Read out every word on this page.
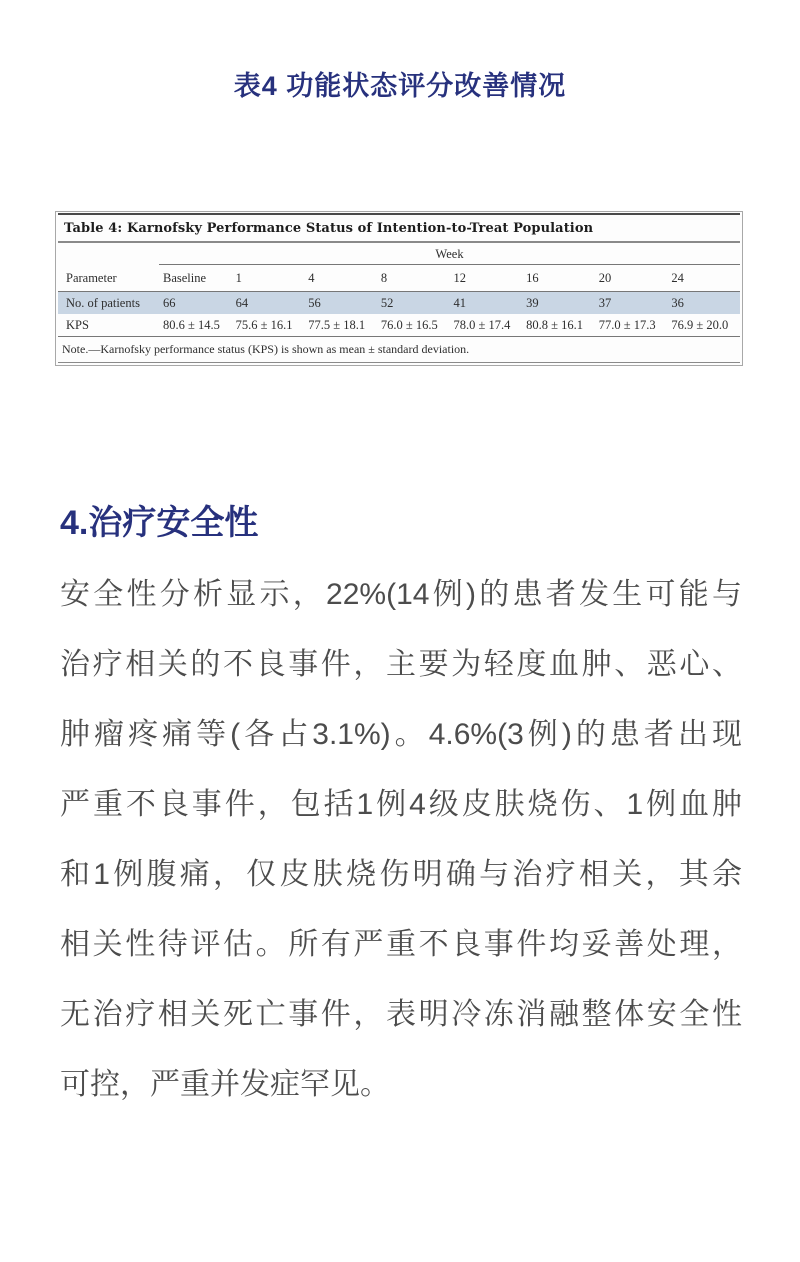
表4 功能状态评分改善情况
Table 4: Karnofsky Performance Status of Intention-to-Treat Population
Week
Parameter	Baseline	1	4	8	12	16	20	24
No. of patients	66	64	56	52	41	39	37	36
KPS	80.6 ± 14.5	75.6 ± 16.1	77.5 ± 18.1	76.0 ± 16.5	78.0 ± 17.4	80.8 ± 16.1	77.0 ± 17.3	76.9 ± 20.0
Note.—Karnofsky performance status (KPS) is shown as mean ± standard deviation.
4.治疗安全性
安全性分析显示，22%(14例)的患者发生可能与
治疗相关的不良事件，主要为轻度血肿、恶心、
肿瘤疼痛等(各占3.1%)。4.6%(3例)的患者出现
严重不良事件，包括1例4级皮肤烧伤、1例血肿
和1例腹痛，仅皮肤烧伤明确与治疗相关，其余
相关性待评估。所有严重不良事件均妥善处理，
无治疗相关死亡事件，表明冷冻消融整体安全性
可控，严重并发症罕见。
